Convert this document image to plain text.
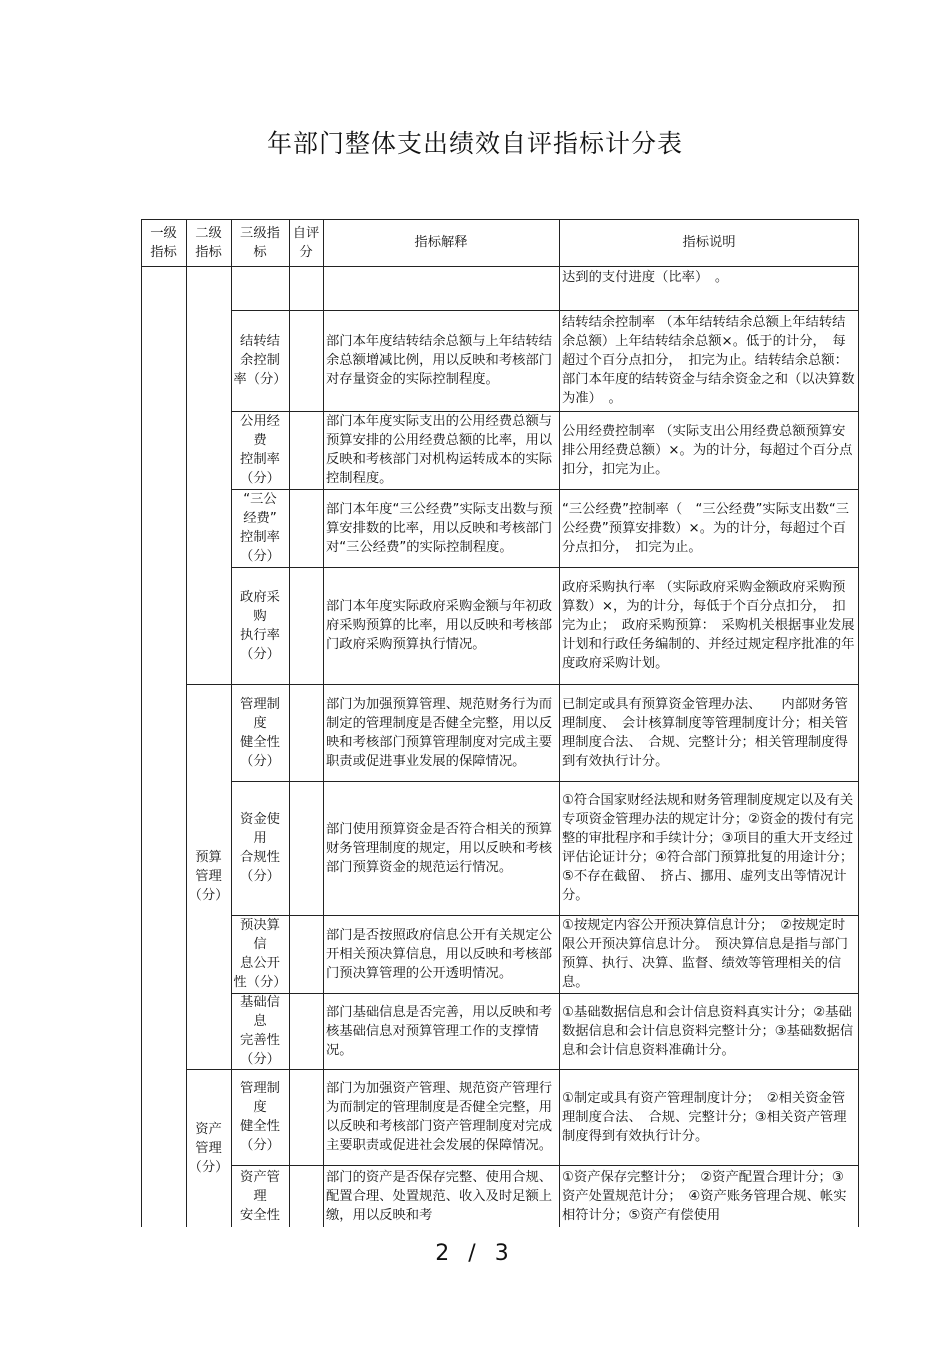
年部门整体支出绩效自评指标计分表
一级
指标
二级
指标
三级指
标
自评
分
指标解释	指标说明
预算
管理
（分）
资产
管理
（分）
达到的支付进度（比率）　。
结转结
余控制
率（分）
部门本年度结转结余总额与上年结转结余总额增减比例，用以反映和考核部门对存量资金的实际控制程度。
结转结余控制率 （本年结转结余总额上年结转结余总额）上年结转结余总额×。低于的计分，　每超过个百分点扣分，　扣完为止。结转结余总额：　部门本年度的结转资金与结余资金之和（以决算数为准）　。
公用经
费
控制率
（分）
部门本年度实际支出的公用经费总额与预算安排的公用经费总额的比率，用以反映和考核部门对机构运转成本的实际控制程度。
公用经费控制率 （实际支出公用经费总额预算安排公用经费总额）×。为的计分，每超过个百分点扣分，扣完为止。
“三公
经费”
控制率
（分）
部门本年度“三公经费”实际支出数与预算安排数的比率，用以反映和考核部门对“三公经费”的实际控制程度。
“三公经费”控制率（　“三公经费”实际支出数“三公经费”预算安排数）×。为的计分，每超过个百分点扣分，　扣完为止。
政府采
购
执行率
（分）
部门本年度实际政府采购金额与年初政府采购预算的比率，用以反映和考核部门政府采购预算执行情况。
政府采购执行率 （实际政府采购金额政府采购预算数）×，为的计分，每低于个百分点扣分，　扣完为止；　政府采购预算：　采购机关根据事业发展计划和行政任务编制的、并经过规定程序批准的年度政府采购计划。
管理制
度
健全性
（分）
部门为加强预算管理、规范财务行为而制定的管理制度是否健全完整，用以反映和考核部门预算管理制度对完成主要职责或促进事业发展的保障情况。
已制定或具有预算资金管理办法、　　内部财务管理制度、　会计核算制度等管理制度计分；相关管理制度合法、　合规、完整计分；相关管理制度得到有效执行计分。
资金使
用
合规性
（分）
部门使用预算资金是否符合相关的预算财务管理制度的规定，用以反映和考核部门预算资金的规范运行情况。
①符合国家财经法规和财务管理制度规定以及有关专项资金管理办法的规定计分；②资金的拨付有完整的审批程序和手续计分；③项目的重大开支经过评估论证计分；④符合部门预算批复的用途计分；⑤不存在截留、　挤占、挪用、虚列支出等情况计分。
预决算
信
息公开
性（分）
部门是否按照政府信息公开有关规定公开相关预决算信息，用以反映和考核部门预决算管理的公开透明情况。
①按规定内容公开预决算信息计分；　②按规定时限公开预决算信息计分。　预决算信息是指与部门预算、执行、决算、监督、绩效等管理相关的信息。
基础信
息
完善性
（分）
部门基础信息是否完善，用以反映和考核基础信息对预算管理工作的支撑情况。
①基础数据信息和会计信息资料真实计分；②基础数据信息和会计信息资料完整计分；③基础数据信息和会计信息资料准确计分。
管理制
度
健全性
（分）
部门为加强资产管理、规范资产管理行为而制定的管理制度是否健全完整，用以反映和考核部门资产管理制度对完成主要职责或促进社会发展的保障情况。
①制定或具有资产管理制度计分；　②相关资金管理制度合法、　合规、完整计分；③相关资产管理制度得到有效执行计分。
资产管
理
安全性
部门的资产是否保存完整、使用合规、配置合理、处置规范、收入及时足额上缴，用以反映和考
①资产保存完整计分；　②资产配置合理计分；③资产处置规范计分；　④资产账务管理合规、帐实相符计分；⑤资产有偿使用
2 / 3
